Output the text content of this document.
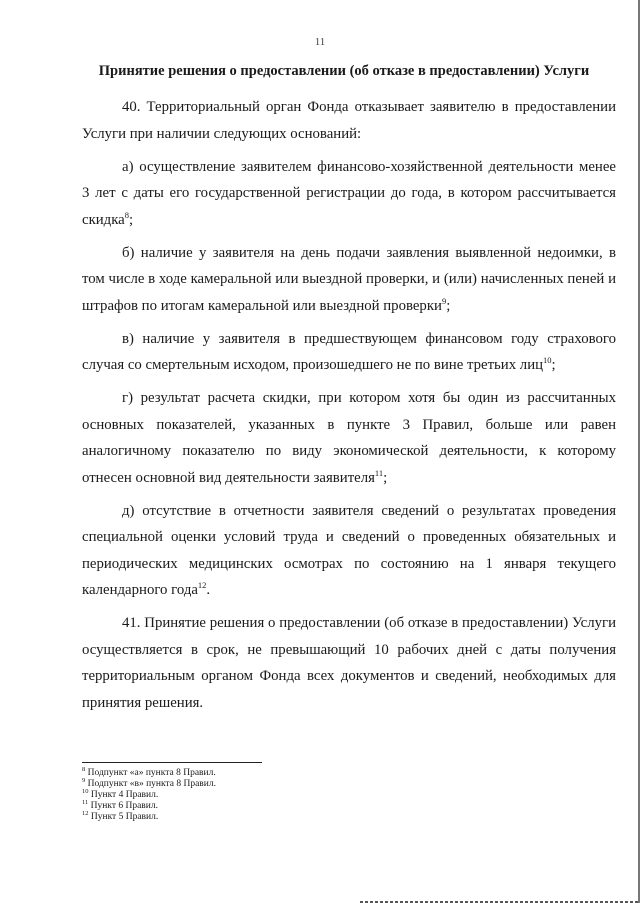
11
Принятие решения о предоставлении (об отказе в предоставлении) Услуги

40. Территориальный орган Фонда отказывает заявителю в предоставлении Услуги при наличии следующих оснований:

а) осуществление заявителем финансово-хозяйственной деятельности менее 3 лет с даты его государственной регистрации до года, в котором рассчитывается скидка$^8$;

б) наличие у заявителя на день подачи заявления выявленной недоимки, в том числе в ходе камеральной или выездной проверки, и (или) начисленных пеней и штрафов по итогам камеральной или выездной проверки$^9$;

в) наличие у заявителя в предшествующем финансовом году страхового случая со смертельным исходом, произошедшего не по вине третьих лиц$^{10}$;

г) результат расчета скидки, при котором хотя бы один из рассчитанных основных показателей, указанных в пункте 3 Правил, больше или равен аналогичному показателю по виду экономической деятельности, к которому отнесен основной вид деятельности заявителя$^{11}$;

д) отсутствие в отчетности заявителя сведений о результатах проведения специальной оценки условий труда и сведений о проведенных обязательных и периодических медицинских осмотрах по состоянию на 1 января текущего календарного года$^{12}$.

41. Принятие решения о предоставлении (об отказе в предоставлении) Услуги осуществляется в срок, не превышающий 10 рабочих дней с даты получения территориальным органом Фонда всех документов и сведений, необходимых для принятия решения.

$^8$ Подпункт «а» пункта 8 Правил.

$^9$ Подпункт «в» пункта 8 Правил.

$^{10}$ Пункт 4 Правил.

$^{11}$ Пункт 6 Правил.

$^{12}$ Пункт 5 Правил.
